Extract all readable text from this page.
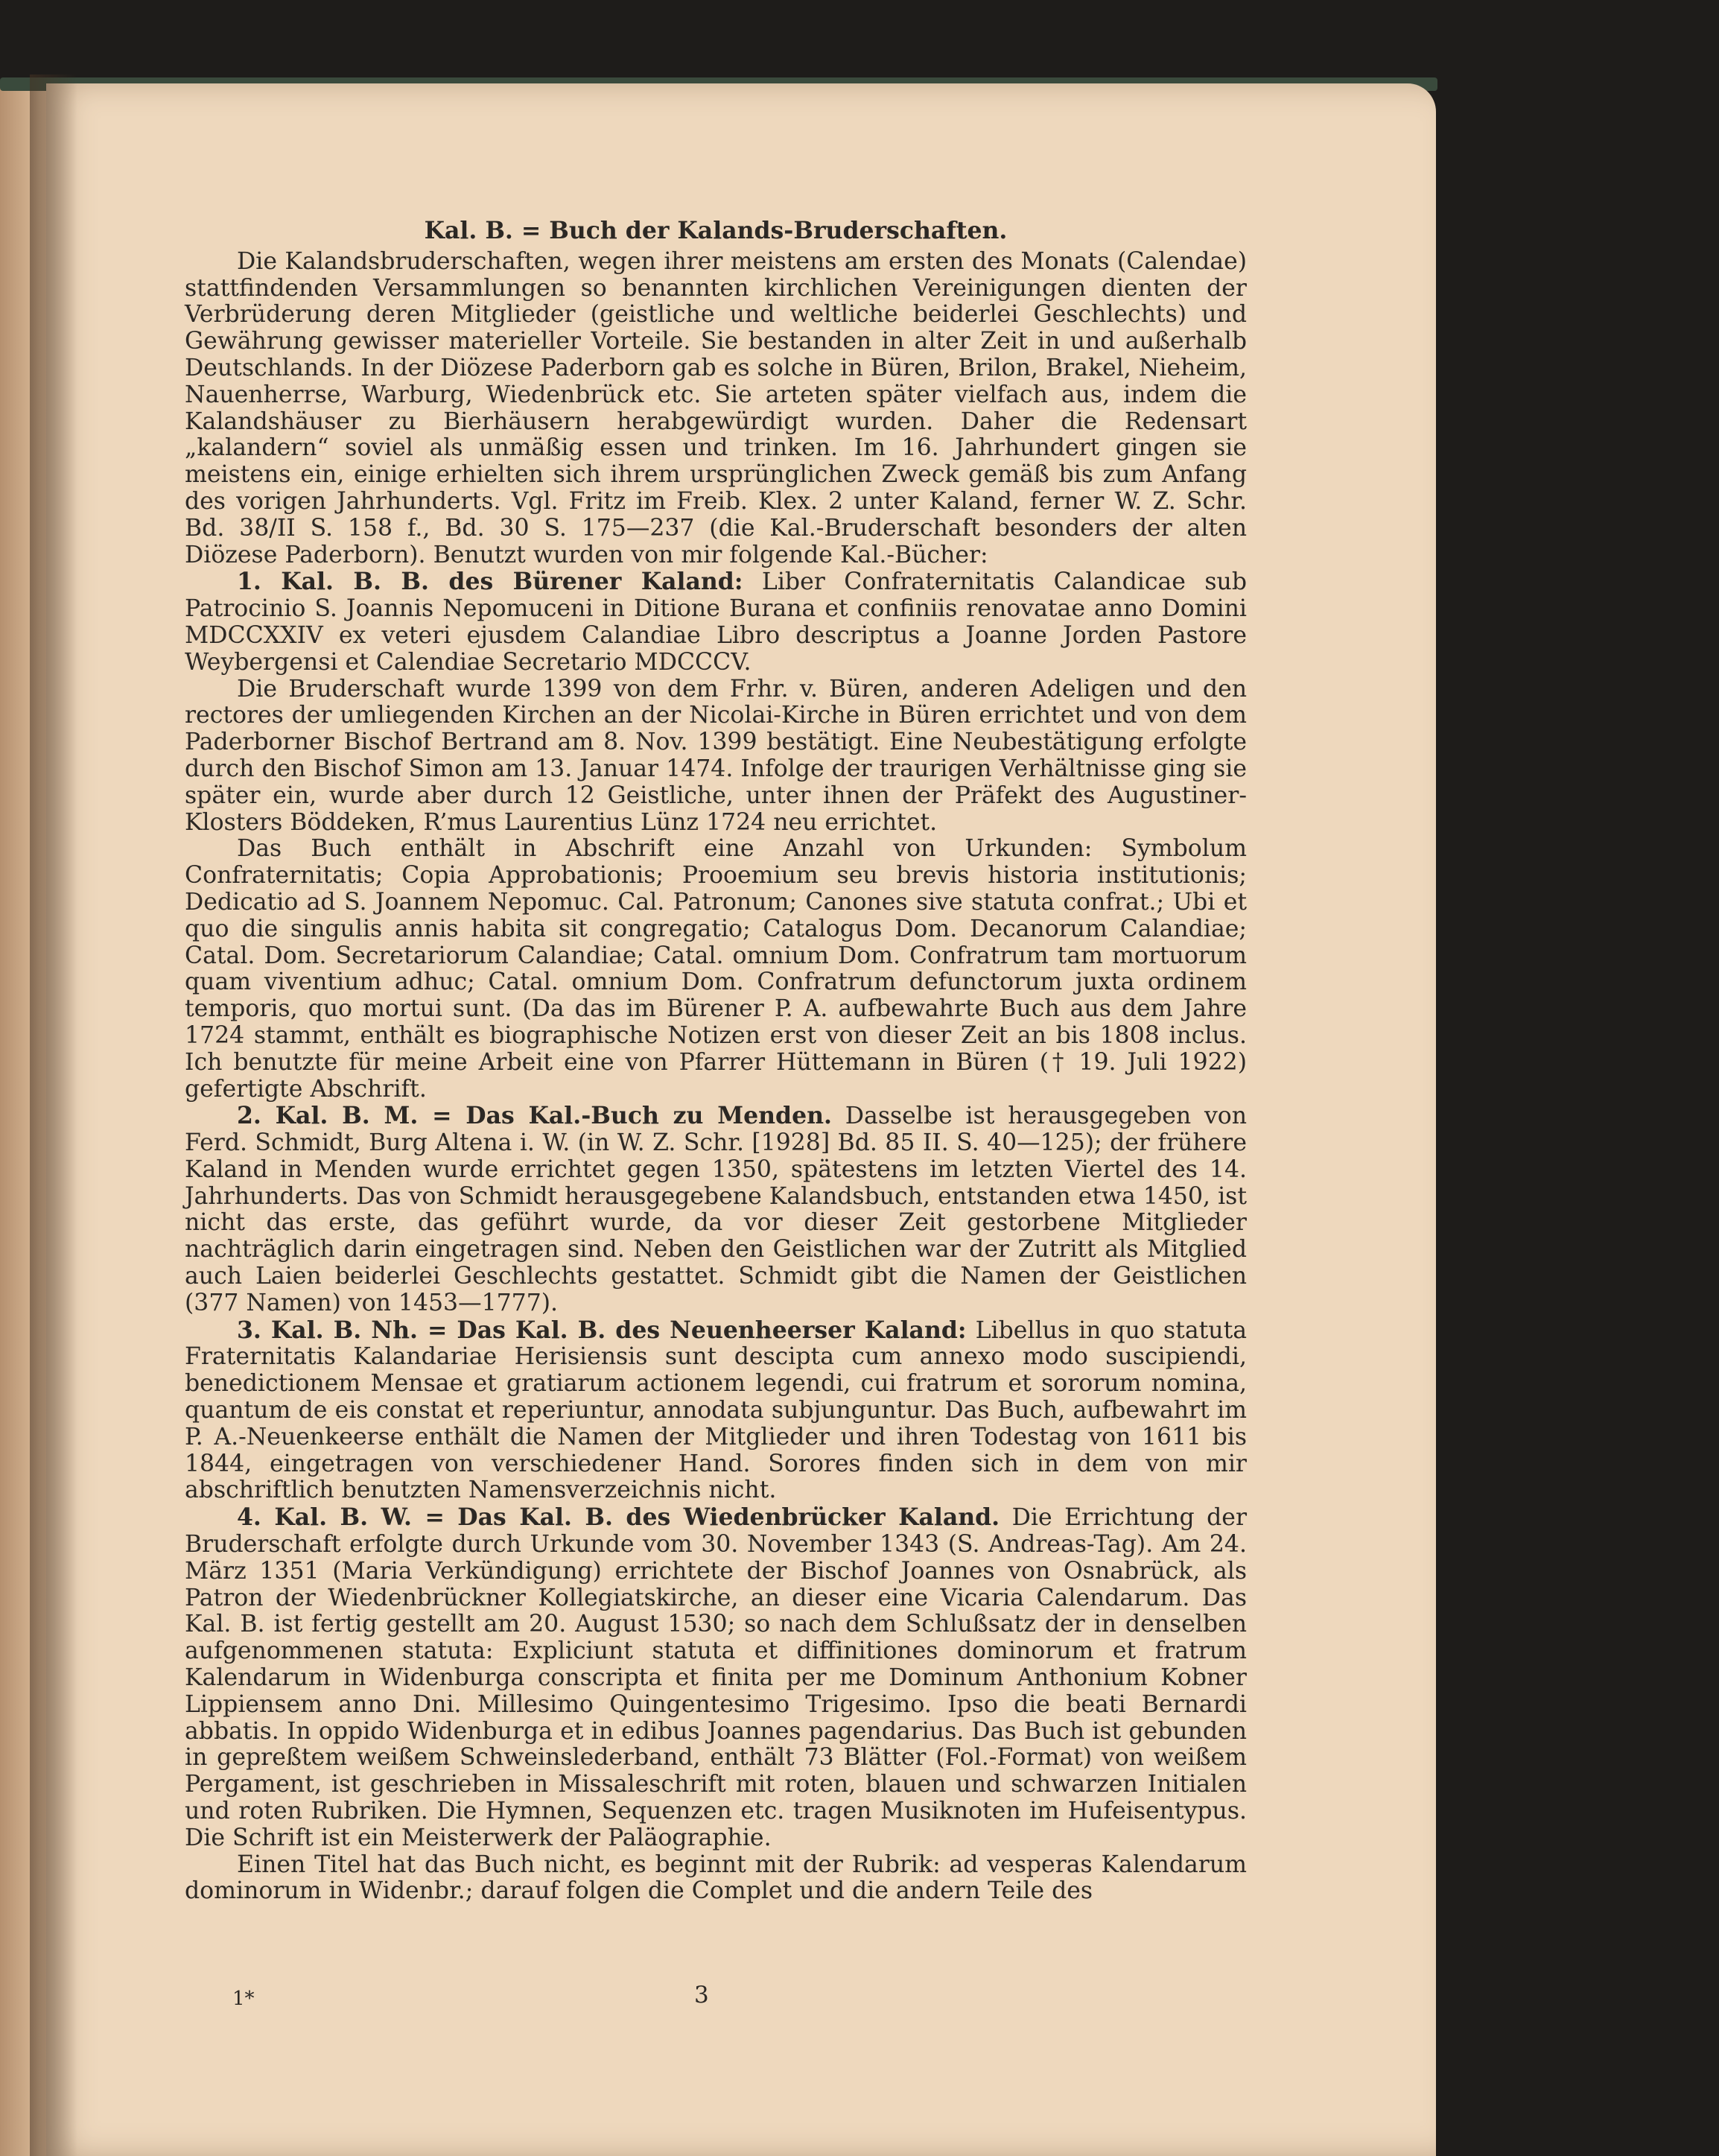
Kal. B. = Buch der Kalands-Bruderschaften.

Die Kalandsbruderschaften, wegen ihrer meistens am ersten des Monats (Calendae) stattfindenden Versammlungen so benannten kirchlichen Vereinigungen dienten der Verbrüderung deren Mitglieder (geistliche und weltliche beiderlei Geschlechts) und Gewährung gewisser materieller Vorteile. Sie bestanden in alter Zeit in und außerhalb Deutschlands. In der Diözese Paderborn gab es solche in Büren, Brilon, Brakel, Nieheim, Nauenherrse, Warburg, Wiedenbrück etc. Sie arteten später vielfach aus, indem die Kalandshäuser zu Bierhäusern herabgewürdigt wurden. Daher die Redensart „kalandern“ soviel als unmäßig essen und trinken. Im 16. Jahrhundert gingen sie meistens ein, einige erhielten sich ihrem ursprünglichen Zweck gemäß bis zum Anfang des vorigen Jahrhunderts. Vgl. Fritz im Freib. Klex. 2 unter Kaland, ferner W. Z. Schr. Bd. 38/II S. 158 f., Bd. 30 S. 175—237 (die Kal.-Bruderschaft besonders der alten Diözese Paderborn). Benutzt wurden von mir folgende Kal.-Bücher:

1. Kal. B. B. des Bürener Kaland: Liber Confraternitatis Calandicae sub Patrocinio S. Joannis Nepomuceni in Ditione Burana et confiniis renovatae anno Domini MDCCXXIV ex veteri ejusdem Calandiae Libro descriptus a Joanne Jorden Pastore Weybergensi et Calendiae Secretario MDCCCV.

Die Bruderschaft wurde 1399 von dem Frhr. v. Büren, anderen Adeligen und den rectores der umliegenden Kirchen an der Nicolai-Kirche in Büren errichtet und von dem Paderborner Bischof Bertrand am 8. Nov. 1399 bestätigt. Eine Neubestätigung erfolgte durch den Bischof Simon am 13. Januar 1474. Infolge der traurigen Verhältnisse ging sie später ein, wurde aber durch 12 Geistliche, unter ihnen der Präfekt des Augustiner-Klosters Böddeken, R’mus Laurentius Lünz 1724 neu errichtet.

Das Buch enthält in Abschrift eine Anzahl von Urkunden: Symbolum Confraternitatis; Copia Approbationis; Prooemium seu brevis historia institutionis; Dedicatio ad S. Joannem Nepomuc. Cal. Patronum; Canones sive statuta confrat.; Ubi et quo die singulis annis habita sit congregatio; Catalogus Dom. Decanorum Calandiae; Catal. Dom. Secretariorum Calandiae; Catal. omnium Dom. Confratrum tam mortuorum quam viventium adhuc; Catal. omnium Dom. Confratrum defunctorum juxta ordinem temporis, quo mortui sunt. (Da das im Bürener P. A. aufbewahrte Buch aus dem Jahre 1724 stammt, enthält es biographische Notizen erst von dieser Zeit an bis 1808 inclus. Ich benutzte für meine Arbeit eine von Pfarrer Hüttemann in Büren († 19. Juli 1922) gefertigte Abschrift.

2. Kal. B. M. = Das Kal.-Buch zu Menden. Dasselbe ist herausgegeben von Ferd. Schmidt, Burg Altena i. W. (in W. Z. Schr. [1928] Bd. 85 II. S. 40—125); der frühere Kaland in Menden wurde errichtet gegen 1350, spätestens im letzten Viertel des 14. Jahrhunderts. Das von Schmidt herausgegebene Kalandsbuch, entstanden etwa 1450, ist nicht das erste, das geführt wurde, da vor dieser Zeit gestorbene Mitglieder nachträglich darin eingetragen sind. Neben den Geistlichen war der Zutritt als Mitglied auch Laien beiderlei Geschlechts gestattet. Schmidt gibt die Namen der Geistlichen (377 Namen) von 1453—1777).

3. Kal. B. Nh. = Das Kal. B. des Neuenheerser Kaland: Libellus in quo statuta Fraternitatis Kalandariae Herisiensis sunt descipta cum annexo modo suscipiendi, benedictionem Mensae et gratiarum actionem legendi, cui fratrum et sororum nomina, quantum de eis constat et reperiuntur, annodata subjunguntur. Das Buch, aufbewahrt im P. A.-Neuenkeerse enthält die Namen der Mitglieder und ihren Todestag von 1611 bis 1844, eingetragen von verschiedener Hand. Sorores finden sich in dem von mir abschriftlich benutzten Namensverzeichnis nicht.

4. Kal. B. W. = Das Kal. B. des Wiedenbrücker Kaland. Die Errichtung der Bruderschaft erfolgte durch Urkunde vom 30. November 1343 (S. Andreas-Tag). Am 24. März 1351 (Maria Verkündigung) errichtete der Bischof Joannes von Osnabrück, als Patron der Wiedenbrückner Kollegiatskirche, an dieser eine Vicaria Calendarum. Das Kal. B. ist fertig gestellt am 20. August 1530; so nach dem Schlußsatz der in denselben aufgenommenen statuta: Expliciunt statuta et diffinitiones dominorum et fratrum Kalendarum in Widenburga conscripta et finita per me Dominum Anthonium Kobner Lippiensem anno Dni. Millesimo Quingentesimo Trigesimo. Ipso die beati Bernardi abbatis. In oppido Widenburga et in edibus Joannes pagendarius. Das Buch ist gebunden in gepreßtem weißem Schweinslederband, enthält 73 Blätter (Fol.-Format) von weißem Pergament, ist geschrieben in Missaleschrift mit roten, blauen und schwarzen Initialen und roten Rubriken. Die Hymnen, Sequenzen etc. tragen Musiknoten im Hufeisentypus. Die Schrift ist ein Meisterwerk der Paläographie.

Einen Titel hat das Buch nicht, es beginnt mit der Rubrik: ad vesperas Kalendarum dominorum in Widenbr.; darauf folgen die Complet und die andern Teile des

1*	3
